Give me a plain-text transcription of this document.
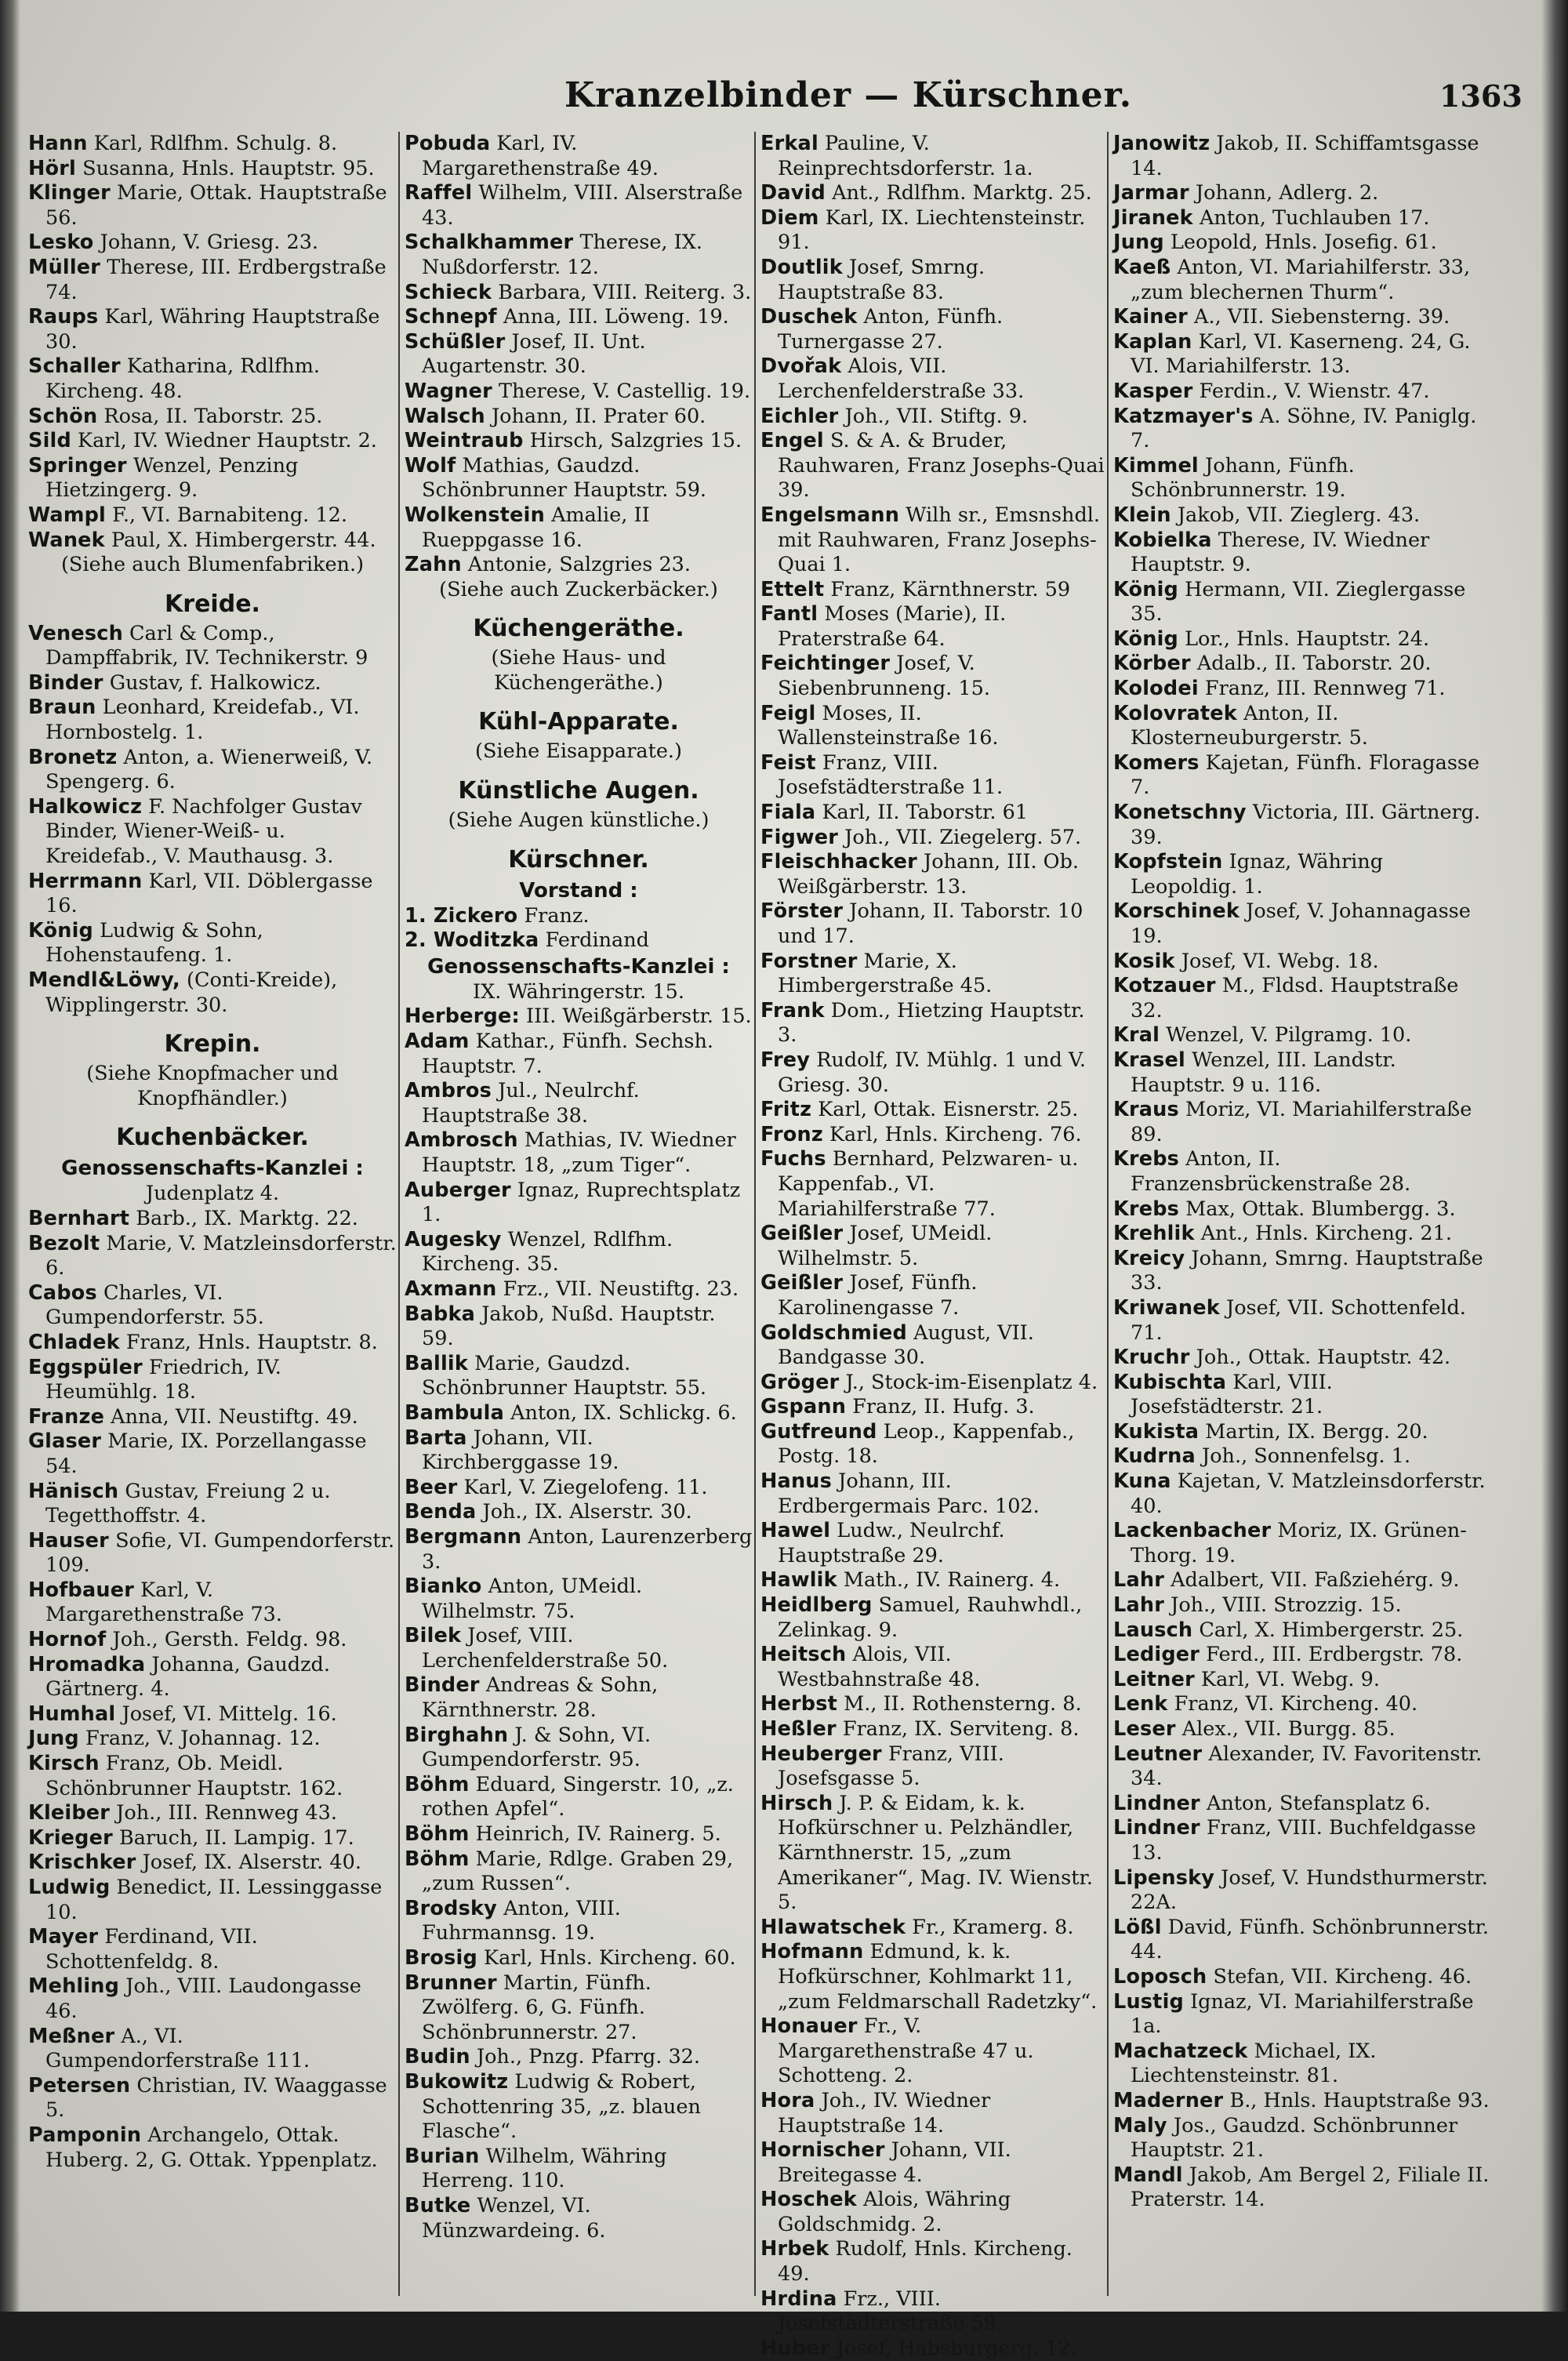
Kranzelbinder — Kürschner.	1363
Hann Karl, Rdlfhm. Schulg. 8.
Hörl Susanna, Hnls. Hauptstr. 95.
Klinger Marie, Ottak. Hauptstraße 56.
Lesko Johann, V. Griesg. 23.
Müller Therese, III. Erdbergstraße 74.
Raups Karl, Währing Hauptstraße 30.
Schaller Katharina, Rdlfhm. Kircheng. 48.
Schön Rosa, II. Taborstr. 25.
Sild Karl, IV. Wiedner Hauptstr. 2.
Springer Wenzel, Penzing Hietzingerg. 9.
Wampl F., VI. Barnabiteng. 12.
Wanek Paul, X. Himbergerstr. 44.
(Siehe auch Blumenfabriken.)
Kreide.
Venesch Carl & Comp., Dampffabrik, IV. Technikerstr. 9
Binder Gustav, f. Halkowicz.
Braun Leonhard, Kreidefab., VI. Hornbostelg. 1.
Bronetz Anton, a. Wienerweiß, V. Spengerg. 6.
Halkowicz F. Nachfolger Gustav Binder, Wiener-Weiß- u. Kreidefab., V. Mauthausg. 3.
Herrmann Karl, VII. Döblergasse 16.
König Ludwig & Sohn, Hohenstaufeng. 1.
Mendl&Löwy, (Conti-Kreide), Wipplingerstr. 30.
Krepin.
(Siehe Knopfmacher und Knopfhändler.)
Kuchenbäcker.
Genossenschafts-Kanzlei :
Judenplatz 4.
Bernhart Barb., IX. Marktg. 22.
Bezolt Marie, V. Matzleinsdorferstr. 6.
Cabos Charles, VI. Gumpendorferstr. 55.
Chladek Franz, Hnls. Hauptstr. 8.
Eggspüler Friedrich, IV. Heumühlg. 18.
Franze Anna, VII. Neustiftg. 49.
Glaser Marie, IX. Porzellangasse 54.
Hänisch Gustav, Freiung 2 u. Tegetthoffstr. 4.
Hauser Sofie, VI. Gumpendorferstr. 109.
Hofbauer Karl, V. Margarethenstraße 73.
Hornof Joh., Gersth. Feldg. 98.
Hromadka Johanna, Gaudzd. Gärtnerg. 4.
Humhal Josef, VI. Mittelg. 16.
Jung Franz, V. Johannag. 12.
Kirsch Franz, Ob. Meidl. Schönbrunner Hauptstr. 162.
Kleiber Joh., III. Rennweg 43.
Krieger Baruch, II. Lampig. 17.
Krischker Josef, IX. Alserstr. 40.
Ludwig Benedict, II. Lessinggasse 10.
Mayer Ferdinand, VII. Schottenfeldg. 8.
Mehling Joh., VIII. Laudongasse 46.
Meßner A., VI. Gumpendorferstraße 111.
Petersen Christian, IV. Waaggasse 5.
Pamponin Archangelo, Ottak. Huberg. 2, G. Ottak. Yppenplatz.
Pobuda Karl, IV. Margarethenstraße 49.
Raffel Wilhelm, VIII. Alserstraße 43.
Schalkhammer Therese, IX. Nußdorferstr. 12.
Schieck Barbara, VIII. Reiterg. 3.
Schnepf Anna, III. Löweng. 19.
Schüßler Josef, II. Unt. Augartenstr. 30.
Wagner Therese, V. Castellig. 19.
Walsch Johann, II. Prater 60.
Weintraub Hirsch, Salzgries 15.
Wolf Mathias, Gaudzd. Schönbrunner Hauptstr. 59.
Wolkenstein Amalie, II Rueppgasse 16.
Zahn Antonie, Salzgries 23.
(Siehe auch Zuckerbäcker.)
Küchengeräthe.
(Siehe Haus- und Küchengeräthe.)
Kühl-Apparate.
(Siehe Eisapparate.)
Künstliche Augen.
(Siehe Augen künstliche.)
Kürschner.
Vorstand :
1. Zickero Franz.
2. Woditzka Ferdinand
Genossenschafts-Kanzlei :
IX. Währingerstr. 15.
Herberge: III. Weißgärberstr. 15.
Adam Kathar., Fünfh. Sechsh. Hauptstr. 7.
Ambros Jul., Neulrchf. Hauptstraße 38.
Ambrosch Mathias, IV. Wiedner Hauptstr. 18, „zum Tiger“.
Auberger Ignaz, Ruprechtsplatz 1.
Augesky Wenzel, Rdlfhm. Kircheng. 35.
Axmann Frz., VII. Neustiftg. 23.
Babka Jakob, Nußd. Hauptstr. 59.
Ballik Marie, Gaudzd. Schönbrunner Hauptstr. 55.
Bambula Anton, IX. Schlickg. 6.
Barta Johann, VII. Kirchberggasse 19.
Beer Karl, V. Ziegelofeng. 11.
Benda Joh., IX. Alserstr. 30.
Bergmann Anton, Laurenzerberg 3.
Bianko Anton, UMeidl. Wilhelmstr. 75.
Bilek Josef, VIII. Lerchenfelderstraße 50.
Binder Andreas & Sohn, Kärnthnerstr. 28.
Birghahn J. & Sohn, VI. Gumpendorferstr. 95.
Böhm Eduard, Singerstr. 10, „z. rothen Apfel“.
Böhm Heinrich, IV. Rainerg. 5.
Böhm Marie, Rdlge. Graben 29, „zum Russen“.
Brodsky Anton, VIII. Fuhrmannsg. 19.
Brosig Karl, Hnls. Kircheng. 60.
Brunner Martin, Fünfh. Zwölferg. 6, G. Fünfh. Schönbrunnerstr. 27.
Budin Joh., Pnzg. Pfarrg. 32.
Bukowitz Ludwig & Robert, Schottenring 35, „z. blauen Flasche“.
Burian Wilhelm, Währing Herreng. 110.
Butke Wenzel, VI. Münzwardeing. 6.
Erkal Pauline, V. Reinprechtsdorferstr. 1a.
David Ant., Rdlfhm. Marktg. 25.
Diem Karl, IX. Liechtensteinstr. 91.
Doutlik Josef, Smrng. Hauptstraße 83.
Duschek Anton, Fünfh. Turnergasse 27.
Dvořak Alois, VII. Lerchenfelderstraße 33.
Eichler Joh., VII. Stiftg. 9.
Engel S. & A. & Bruder, Rauhwaren, Franz Josephs-Quai 39.
Engelsmann Wilh sr., Emsnshdl. mit Rauhwaren, Franz Josephs-Quai 1.
Ettelt Franz, Kärnthnerstr. 59
Fantl Moses (Marie), II. Praterstraße 64.
Feichtinger Josef, V. Siebenbrunneng. 15.
Feigl Moses, II. Wallensteinstraße 16.
Feist Franz, VIII. Josefstädterstraße 11.
Fiala Karl, II. Taborstr. 61
Figwer Joh., VII. Ziegelerg. 57.
Fleischhacker Johann, III. Ob. Weißgärberstr. 13.
Förster Johann, II. Taborstr. 10 und 17.
Forstner Marie, X. Himbergerstraße 45.
Frank Dom., Hietzing Hauptstr. 3.
Frey Rudolf, IV. Mühlg. 1 und V. Griesg. 30.
Fritz Karl, Ottak. Eisnerstr. 25.
Fronz Karl, Hnls. Kircheng. 76.
Fuchs Bernhard, Pelzwaren- u. Kappenfab., VI. Mariahilferstraße 77.
Geißler Josef, UMeidl. Wilhelmstr. 5.
Geißler Josef, Fünfh. Karolinengasse 7.
Goldschmied August, VII. Bandgasse 30.
Gröger J., Stock-im-Eisenplatz 4.
Gspann Franz, II. Hufg. 3.
Gutfreund Leop., Kappenfab., Postg. 18.
Hanus Johann, III. Erdbergermais Parc. 102.
Hawel Ludw., Neulrchf. Hauptstraße 29.
Hawlik Math., IV. Rainerg. 4.
Heidlberg Samuel, Rauhwhdl., Zelinkag. 9.
Heitsch Alois, VII. Westbahnstraße 48.
Herbst M., II. Rothensterng. 8.
Heßler Franz, IX. Serviteng. 8.
Heuberger Franz, VIII. Josefsgasse 5.
Hirsch J. P. & Eidam, k. k. Hofkürschner u. Pelzhändler, Kärnthnerstr. 15, „zum Amerikaner“, Mag. IV. Wienstr. 5.
Hlawatschek Fr., Kramerg. 8.
Hofmann Edmund, k. k. Hofkürschner, Kohlmarkt 11, „zum Feldmarschall Radetzky“.
Honauer Fr., V. Margarethenstraße 47 u. Schotteng. 2.
Hora Joh., IV. Wiedner Hauptstraße 14.
Hornischer Johann, VII. Breitegasse 4.
Hoschek Alois, Währing Goldschmidg. 2.
Hrbek Rudolf, Hnls. Kircheng. 49.
Hrdina Frz., VIII. Josefstädterstraße 59.
Huber Josef, Habsburgerg. 12.
Janowitz Jakob, II. Schiffamtsgasse 14.
Jarmar Johann, Adlerg. 2.
Jiranek Anton, Tuchlauben 17.
Jung Leopold, Hnls. Josefig. 61.
Kaeß Anton, VI. Mariahilferstr. 33, „zum blechernen Thurm“.
Kainer A., VII. Siebensterng. 39.
Kaplan Karl, VI. Kaserneng. 24, G. VI. Mariahilferstr. 13.
Kasper Ferdin., V. Wienstr. 47.
Katzmayer's A. Söhne, IV. Paniglg. 7.
Kimmel Johann, Fünfh. Schönbrunnerstr. 19.
Klein Jakob, VII. Zieglerg. 43.
Kobielka Therese, IV. Wiedner Hauptstr. 9.
König Hermann, VII. Zieglergasse 35.
König Lor., Hnls. Hauptstr. 24.
Körber Adalb., II. Taborstr. 20.
Kolodei Franz, III. Rennweg 71.
Kolovratek Anton, II. Klosterneuburgerstr. 5.
Komers Kajetan, Fünfh. Floragasse 7.
Konetschny Victoria, III. Gärtnerg. 39.
Kopfstein Ignaz, Währing Leopoldig. 1.
Korschinek Josef, V. Johannagasse 19.
Kosik Josef, VI. Webg. 18.
Kotzauer M., Fldsd. Hauptstraße 32.
Kral Wenzel, V. Pilgramg. 10.
Krasel Wenzel, III. Landstr. Hauptstr. 9 u. 116.
Kraus Moriz, VI. Mariahilferstraße 89.
Krebs Anton, II. Franzensbrückenstraße 28.
Krebs Max, Ottak. Blumbergg. 3.
Krehlik Ant., Hnls. Kircheng. 21.
Kreicy Johann, Smrng. Hauptstraße 33.
Kriwanek Josef, VII. Schottenfeld. 71.
Kruchr Joh., Ottak. Hauptstr. 42.
Kubischta Karl, VIII. Josefstädterstr. 21.
Kukista Martin, IX. Bergg. 20.
Kudrna Joh., Sonnenfelsg. 1.
Kuna Kajetan, V. Matzleinsdorferstr. 40.
Lackenbacher Moriz, IX. Grünen-Thorg. 19.
Lahr Adalbert, VII. Faßziehérg. 9.
Lahr Joh., VIII. Strozzig. 15.
Lausch Carl, X. Himbergerstr. 25.
Lediger Ferd., III. Erdbergstr. 78.
Leitner Karl, VI. Webg. 9.
Lenk Franz, VI. Kircheng. 40.
Leser Alex., VII. Burgg. 85.
Leutner Alexander, IV. Favoritenstr. 34.
Lindner Anton, Stefansplatz 6.
Lindner Franz, VIII. Buchfeldgasse 13.
Lipensky Josef, V. Hundsthurmerstr. 22A.
Lößl David, Fünfh. Schönbrunnerstr. 44.
Loposch Stefan, VII. Kircheng. 46.
Lustig Ignaz, VI. Mariahilferstraße 1a.
Machatzeck Michael, IX. Liechtensteinstr. 81.
Maderner B., Hnls. Hauptstraße 93.
Maly Jos., Gaudzd. Schönbrunner Hauptstr. 21.
Mandl Jakob, Am Bergel 2, Filiale II. Praterstr. 14.
